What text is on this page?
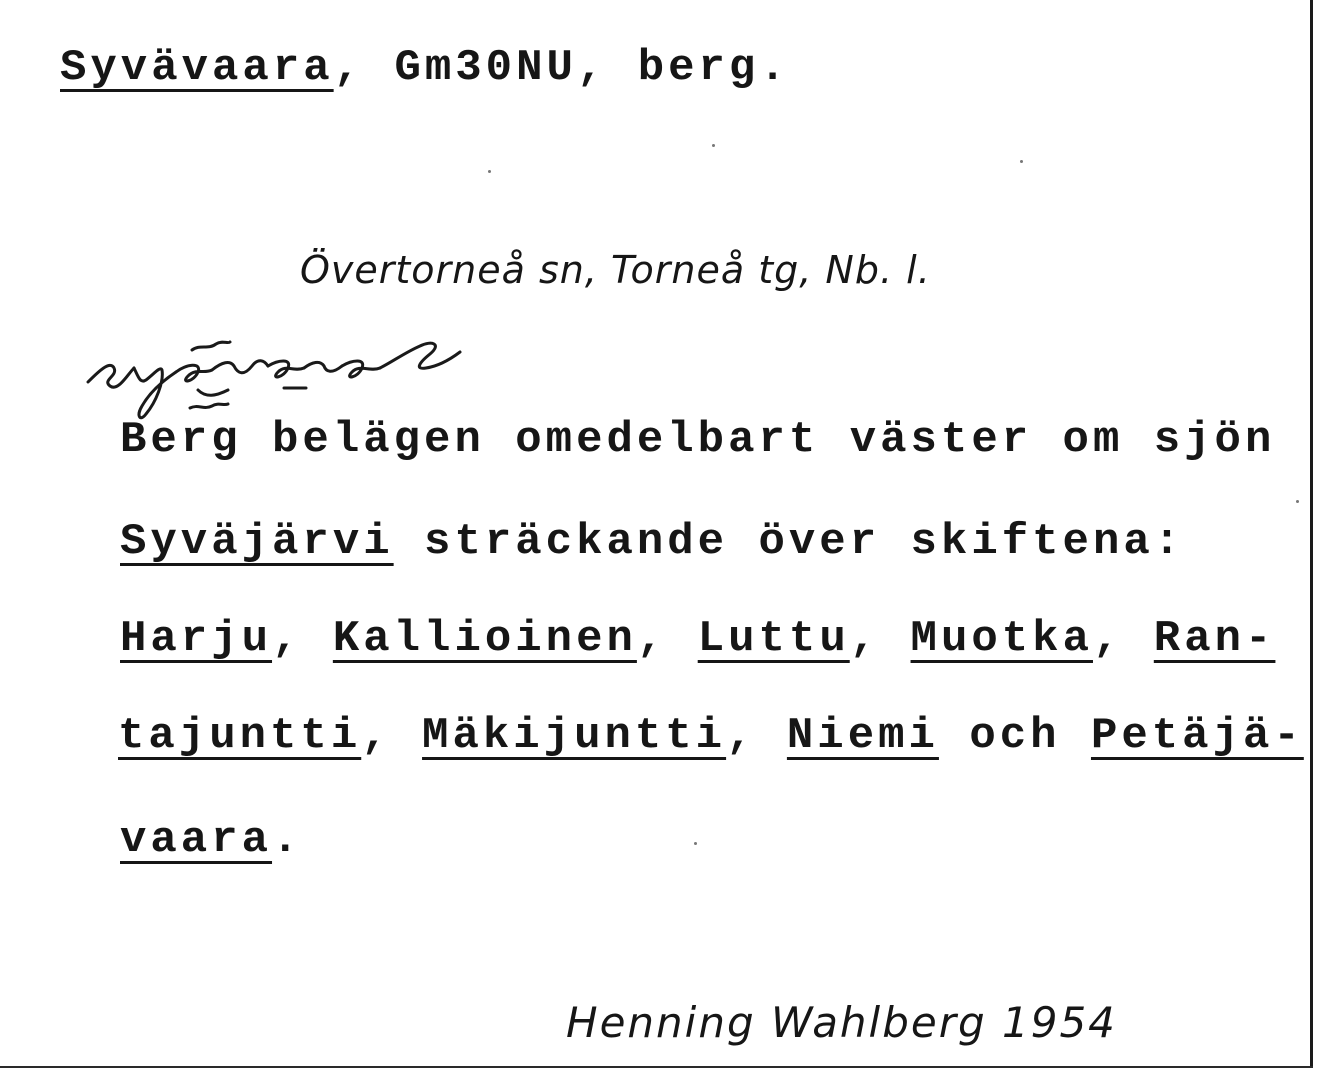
Syvävaara, Gm30NU, berg.
Övertorneå sn, Torneå tg, Nb. l.
Berg belägen omedelbart väster om sjön
Syväjärvi sträckande över skiftena:
Harju, Kallioinen, Luttu, Muotka, Ran-
tajuntti, Mäkijuntti, Niemi och Petäjä-
vaara.
Henning Wahlberg 1954
